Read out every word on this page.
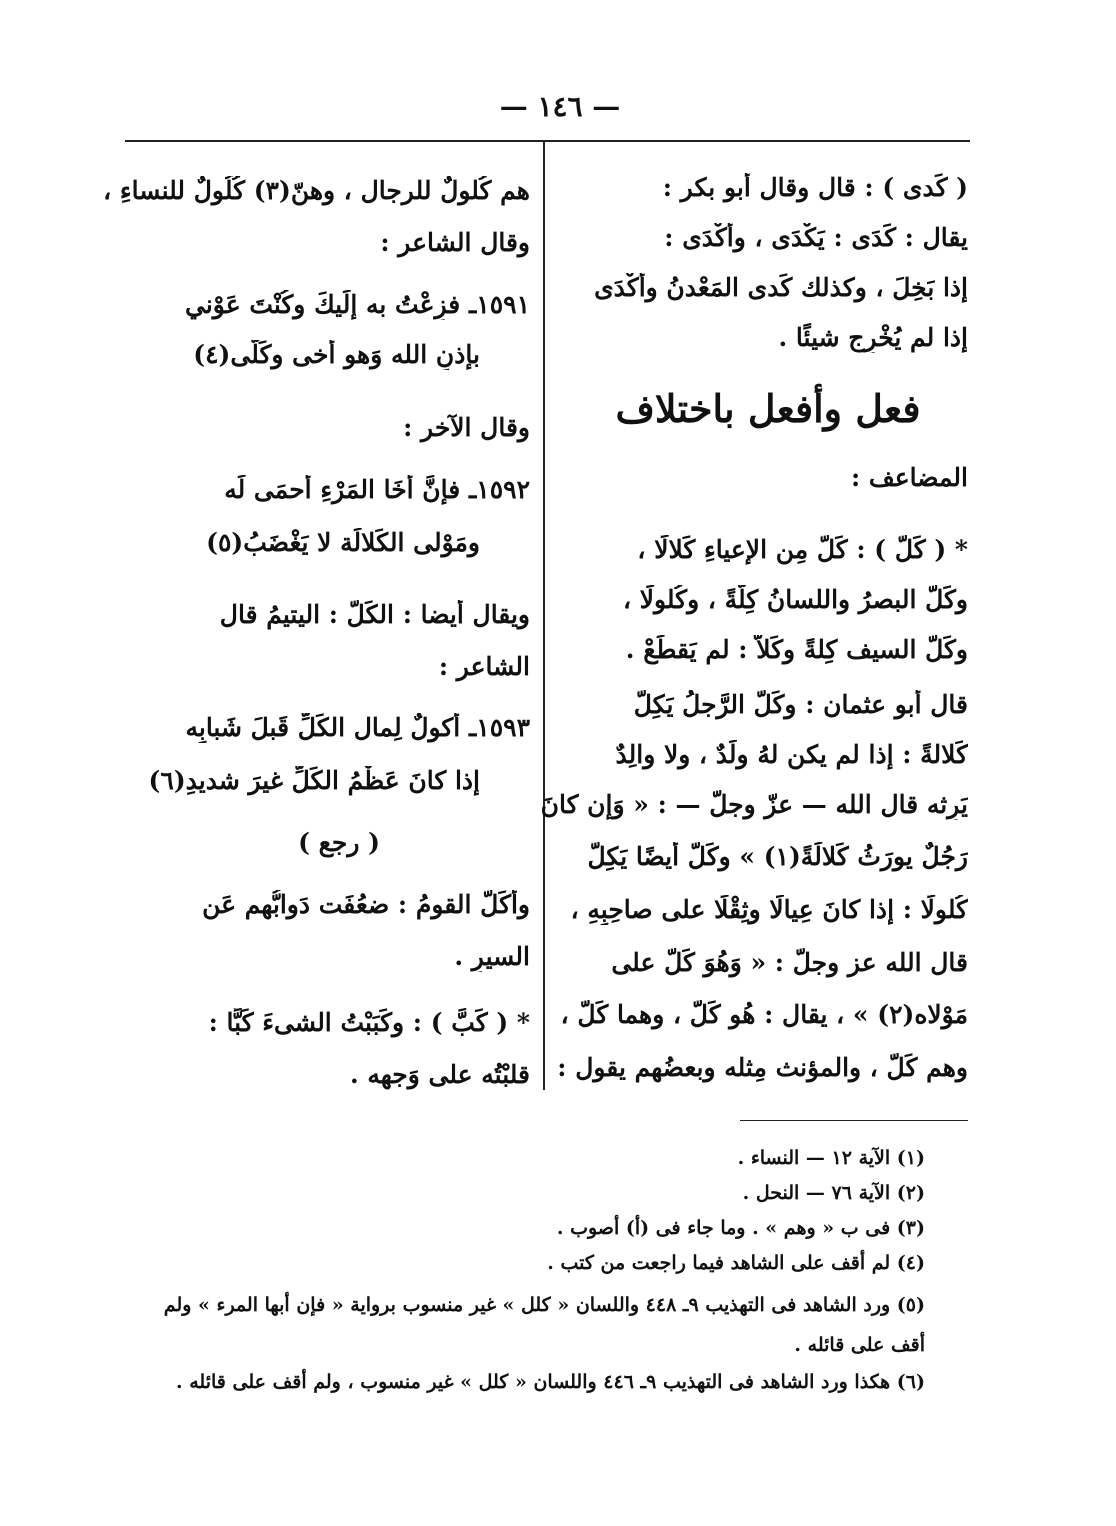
— ١٤٦ —
( كَدى ) : قال وقال أبو بكر :
يقال : كَدَى : يَكْدَى ، وأكْدَى :
إذا بَخِلَ ، وكذلك كَدى المَعْدنُ وأكْدَى
إذا لم يُخْرِج شيئًا .
فعل وأفعل باختلاف
المضاعف :
* ( كَلَّ ) : كَلَّ مِن الإعياءِ كَلالًا ،
وكَلَّ البصرُ واللسانُ كِلَّةً ، وكُلولًا ،
وكَلَّ السيف كِلةً وكَلاًّ : لم يَقطَعْ .
قال أبو عثمان : وكَلَّ الرَّجلُ يَكِلُّ
كَلالةً : إذا لم يكن لهُ ولَدٌ ، ولا والِدٌ
يَرِثه قال الله — عزّ وجلّ — : « وَإن كانَ
رَجُلٌ يورَثُ كَلالَةً(١) » وكَلَّ أيضًا يَكِلُّ
كُلولًا : إذا كانَ عِيالًا وثِقْلًا على صاحِبِهِ ،
قال الله عز وجلّ : « وَهُوَ كَلٌّ على
مَوْلاه(٢) » ، يقال : هُو كَلٌّ ، وهما كَلٌّ ،
وهم كَلٌّ ، والمؤنث مِثله وبعضُهم يقول :
هم كُلولٌ للرجال ، وهنّ(٣) كُلُولٌ للنساءِ ،
وقال الشاعر :
١٥٩١ـ فزِعْتُ به إلَيكَ وكُنْتَ عَوْني
بإذنِ الله وَهو أخى وكَلّى(٤)
وقال الآخر :
١٥٩٢ـ فإنَّ أخَا المَرْءِ أحمَى لَه
ومَوْلى الكَلالَة لا يَغْضَبُ(٥)
ويقال أيضا : الكَلُّ : اليتيمُ قال
الشاعر :
١٥٩٣ـ أكولٌ لِمال الكَلِّ قَبلَ شَبابِه
إذا كانَ عَظْمُ الكَلِّ غيرَ شديدِ(٦)
( رجع )
وأكَلَّ القومُ : ضعُفَت دَوابُّهم عَن
السيرِ .
* ( كَبَّ ) : وكَبَبْتُ الشىءَ كَبًّا :
قلبْتُه على وَجهه .
(١) الآية ١٢ — النساء .
(٢) الآية ٧٦ — النحل .
(٣) فى ب « وهم » . وما جاء فى (أ) أصوب .
(٤) لم أقف على الشاهد فيما راجعت من كتب .
(٥) ورد الشاهد فى التهذيب ٩ـ ٤٤٨ واللسان « كلل » غير منسوب برواية « فإن أبها المرء » ولم أقف على قائله .
(٦) هكذا ورد الشاهد فى التهذيب ٩ـ ٤٤٦ واللسان « كلل » غير منسوب ، ولم أقف على قائله .
